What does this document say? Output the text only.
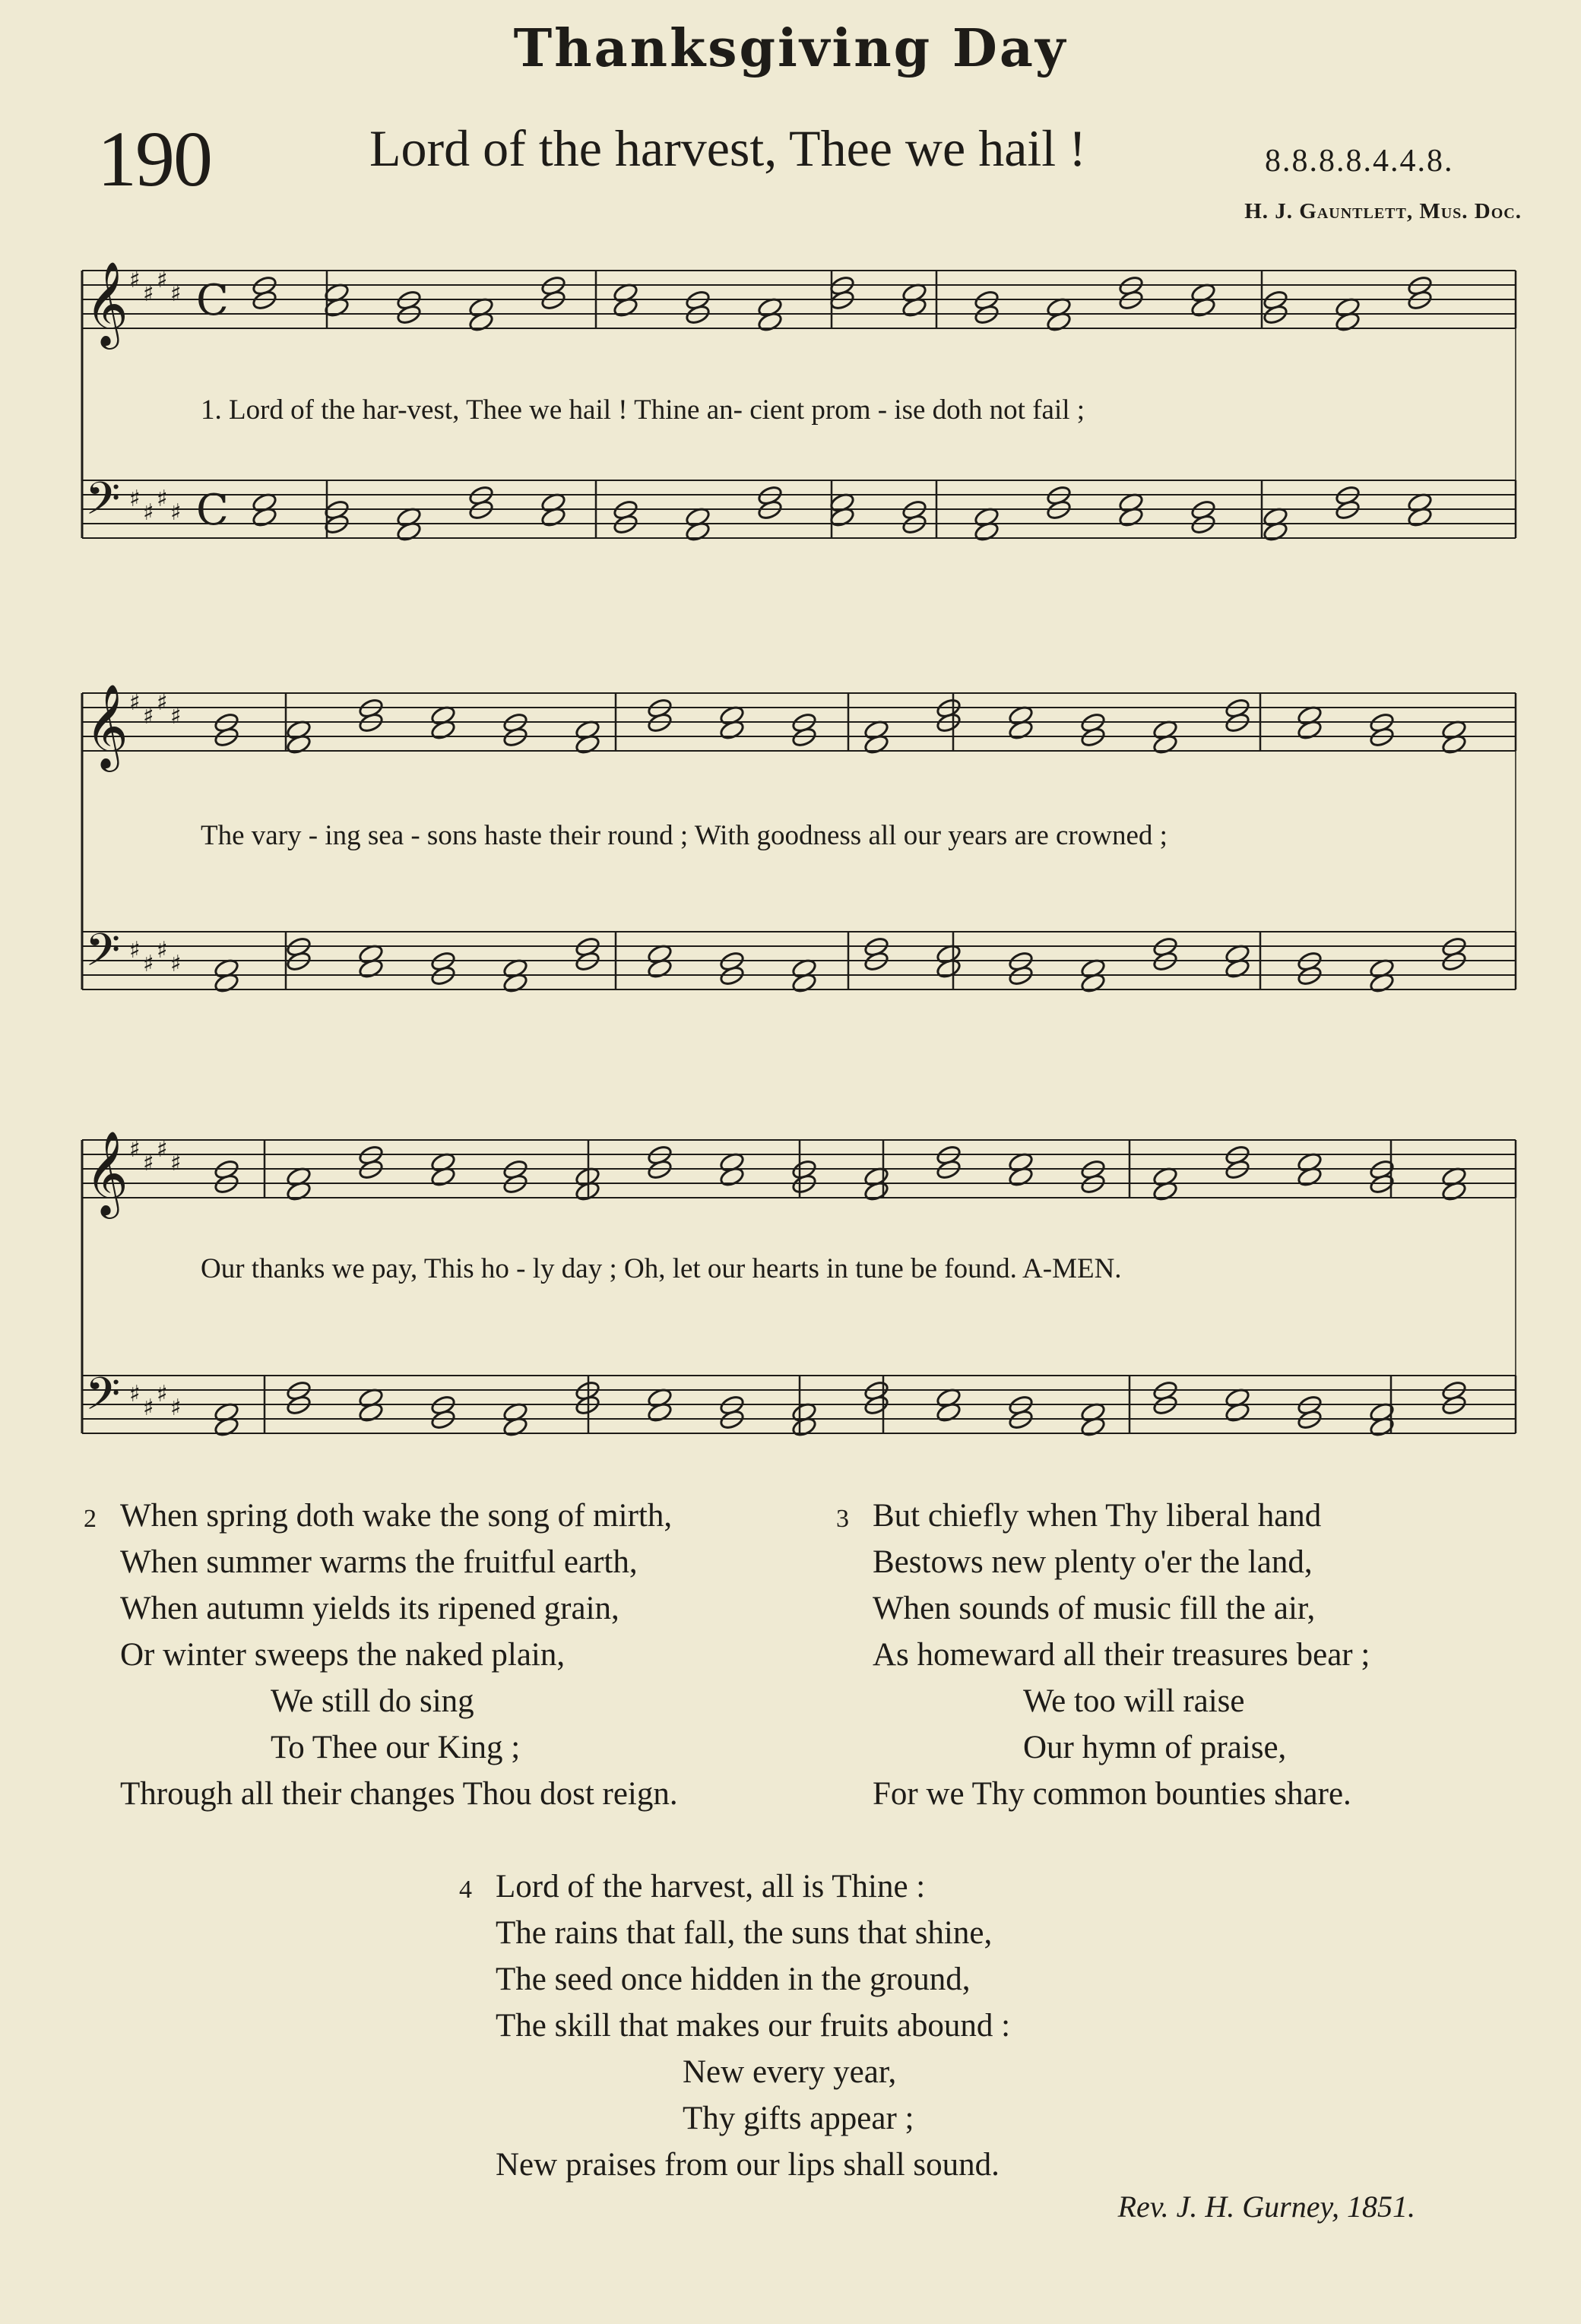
Thanksgiving Day
190	Lord of the harvest, Thee we hail !	8.8.8.8.4.4.8.
H. J. Gauntlett, Mus. Doc.
𝄞 ♯
♯
♯
♯ C
𝄢 ♯
♯
♯
♯ C
𝄞 ♯
♯
♯
♯
𝄢 ♯
♯
♯
♯
𝄞 ♯
♯
♯
♯
𝄢 ♯
♯
♯
♯
1. Lord of the har-vest, Thee we hail ! Thine an- cient prom - ise doth not fail ;
The vary - ing sea - sons haste their round ; With goodness all our years are crowned ;
Our thanks we pay, This ho - ly day ; Oh, let our hearts in tune be found. A-MEN.
2 When spring doth wake the song of mirth,
When summer warms the fruitful earth,
When autumn yields its ripened grain,
Or winter sweeps the naked plain,
We still do sing
To Thee our King ;
Through all their changes Thou dost reign.
3 But chiefly when Thy liberal hand
Bestows new plenty o'er the land,
When sounds of music fill the air,
As homeward all their treasures bear ;
We too will raise
Our hymn of praise,
For we Thy common bounties share.
4 Lord of the harvest, all is Thine :
The rains that fall, the suns that shine,
The seed once hidden in the ground,
The skill that makes our fruits abound :
New every year,
Thy gifts appear ;
New praises from our lips shall sound.
Rev. J. H. Gurney, 1851.
